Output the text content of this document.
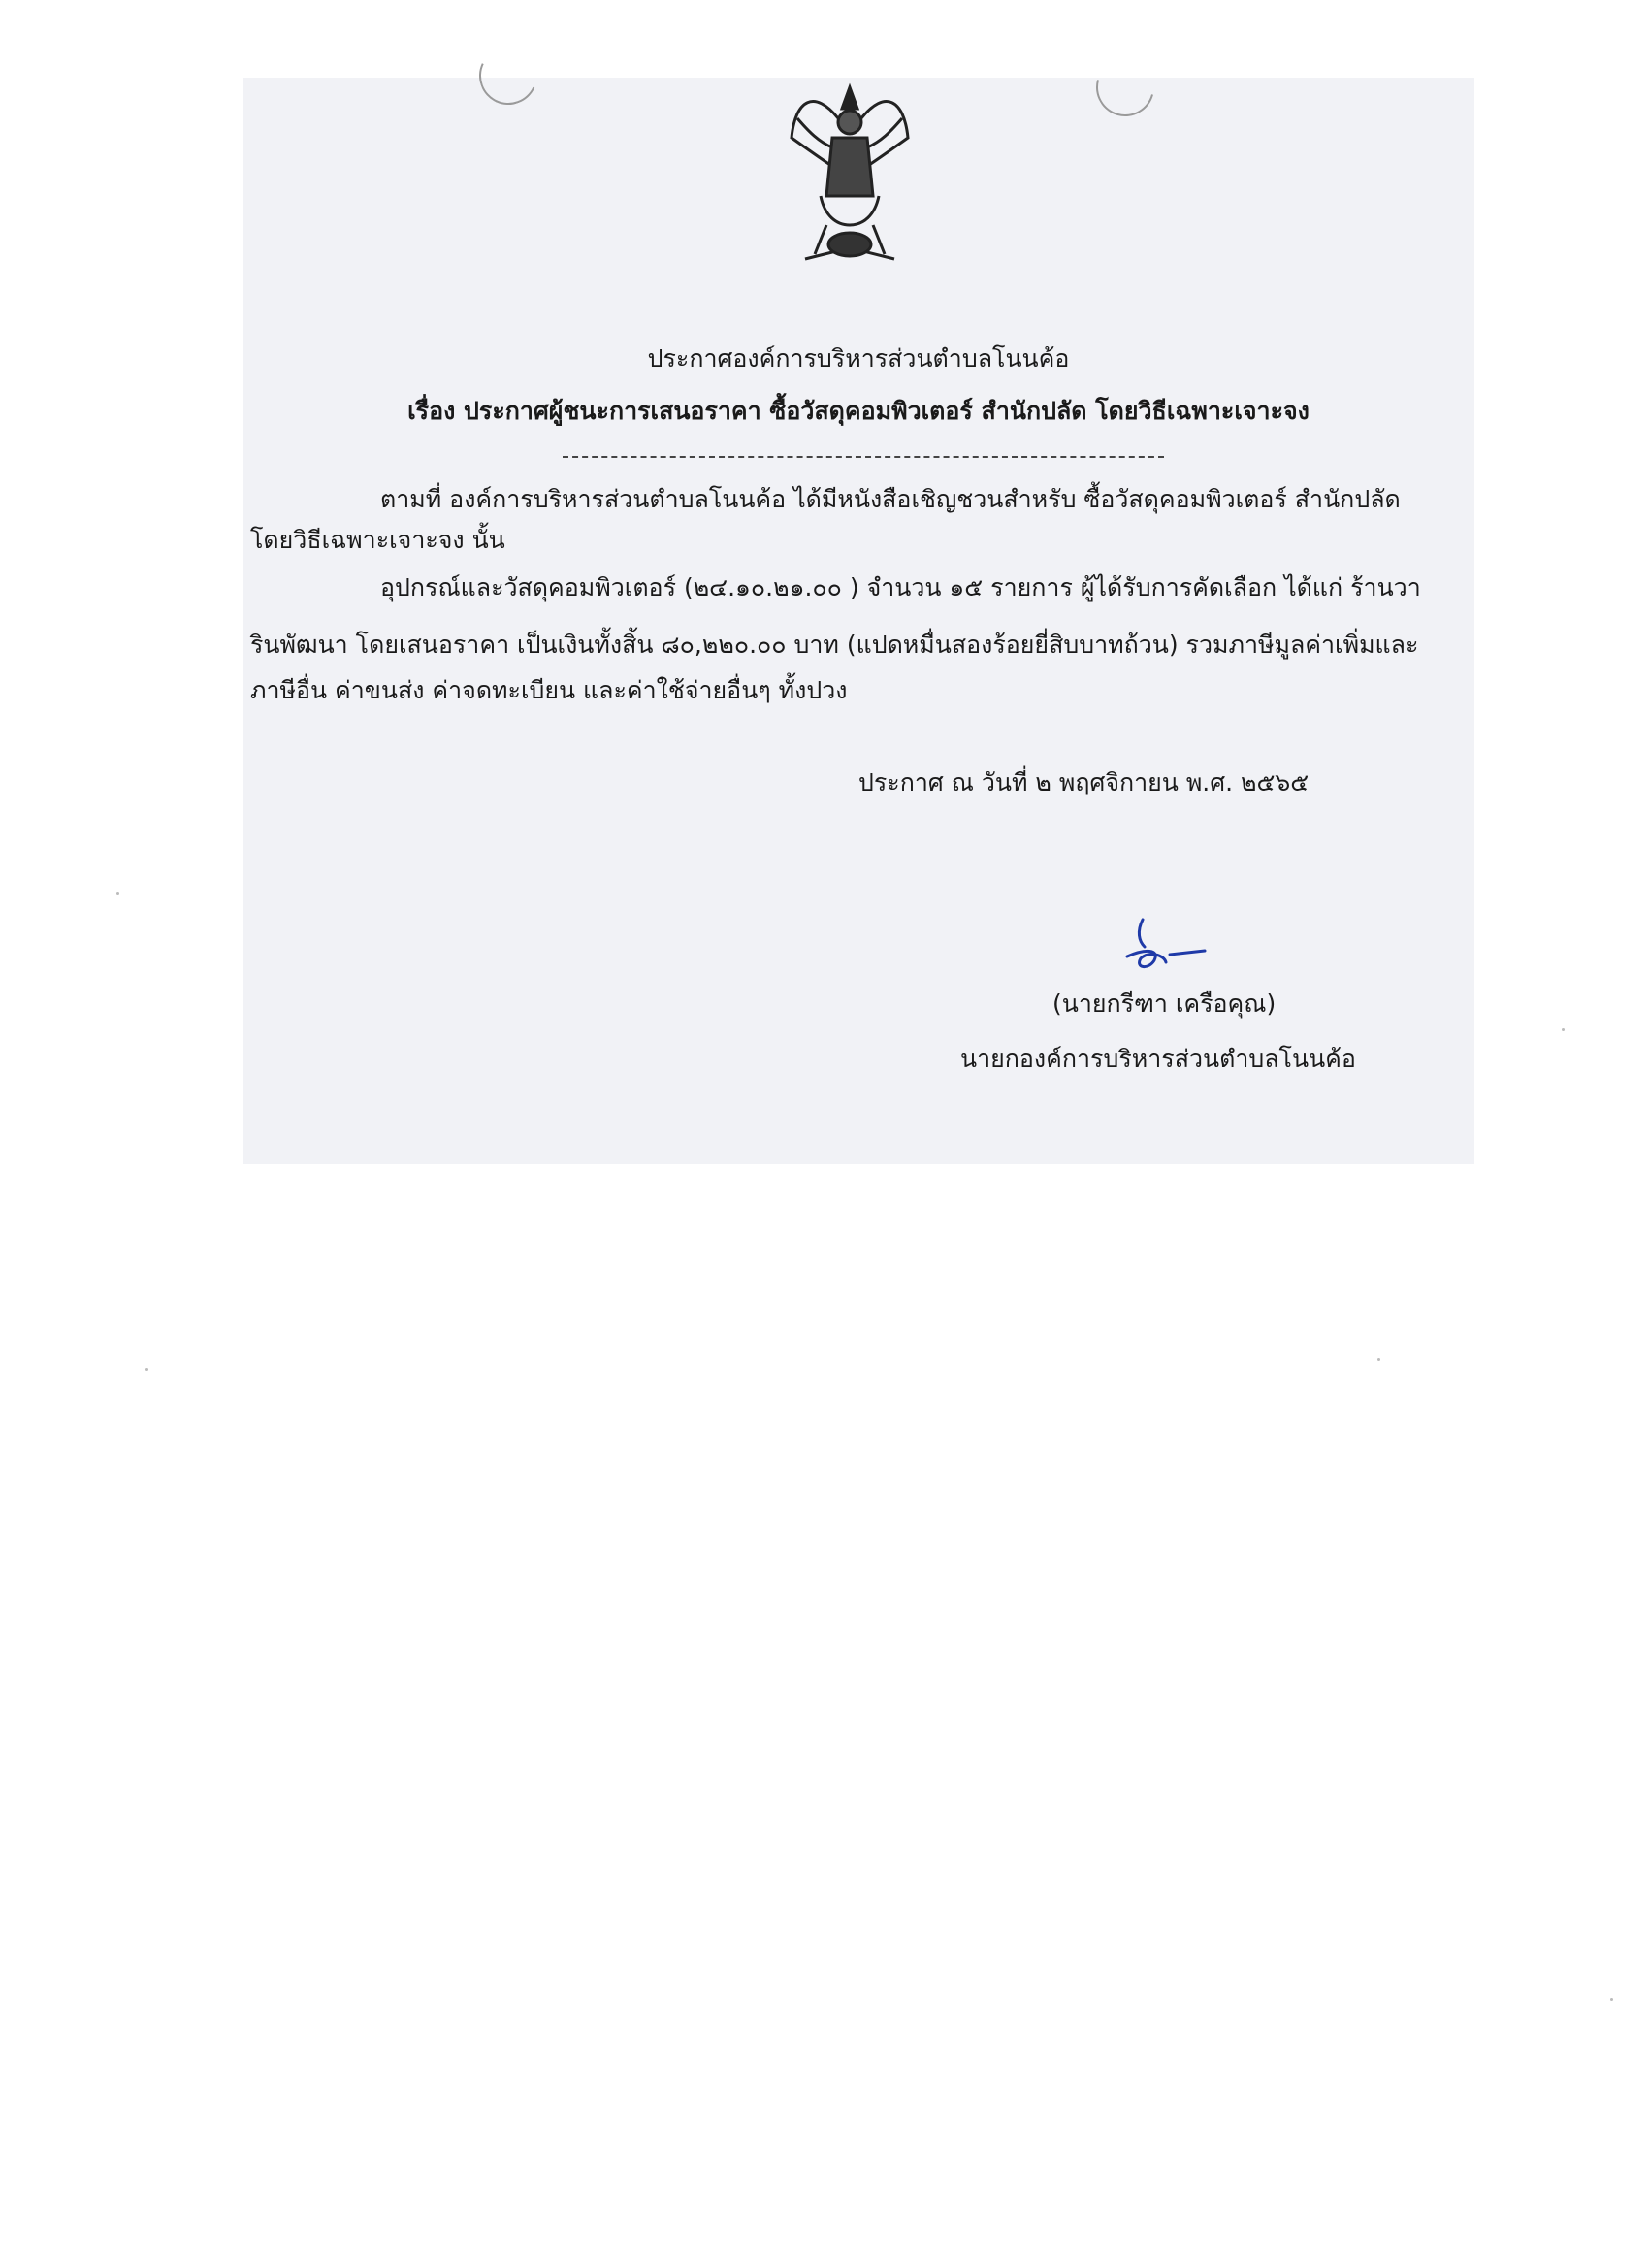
ประกาศองค์การบริหารส่วนตำบลโนนค้อ
เรื่อง ประกาศผู้ชนะการเสนอราคา ซื้อวัสดุคอมพิวเตอร์ สำนักปลัด โดยวิธีเฉพาะเจาะจง
ตามที่ องค์การบริหารส่วนตำบลโนนค้อ ได้มีหนังสือเชิญชวนสำหรับ ซื้อวัสดุคอมพิวเตอร์ สำนักปลัด
โดยวิธีเฉพาะเจาะจง นั้น
อุปกรณ์และวัสดุคอมพิวเตอร์ (๒๔.๑๐.๒๑.๐๐ ) จำนวน ๑๕ รายการ ผู้ได้รับการคัดเลือก ได้แก่ ร้านวา
รินพัฒนา โดยเสนอราคา เป็นเงินทั้งสิ้น ๘๐,๒๒๐.๐๐ บาท (แปดหมื่นสองร้อยยี่สิบบาทถ้วน) รวมภาษีมูลค่าเพิ่มและ
ภาษีอื่น ค่าขนส่ง ค่าจดทะเบียน และค่าใช้จ่ายอื่นๆ ทั้งปวง
ประกาศ ณ วันที่ ๒ พฤศจิกายน พ.ศ. ๒๕๖๕
(นายกรีฑา เครือคุณ)
นายกองค์การบริหารส่วนตำบลโนนค้อ
